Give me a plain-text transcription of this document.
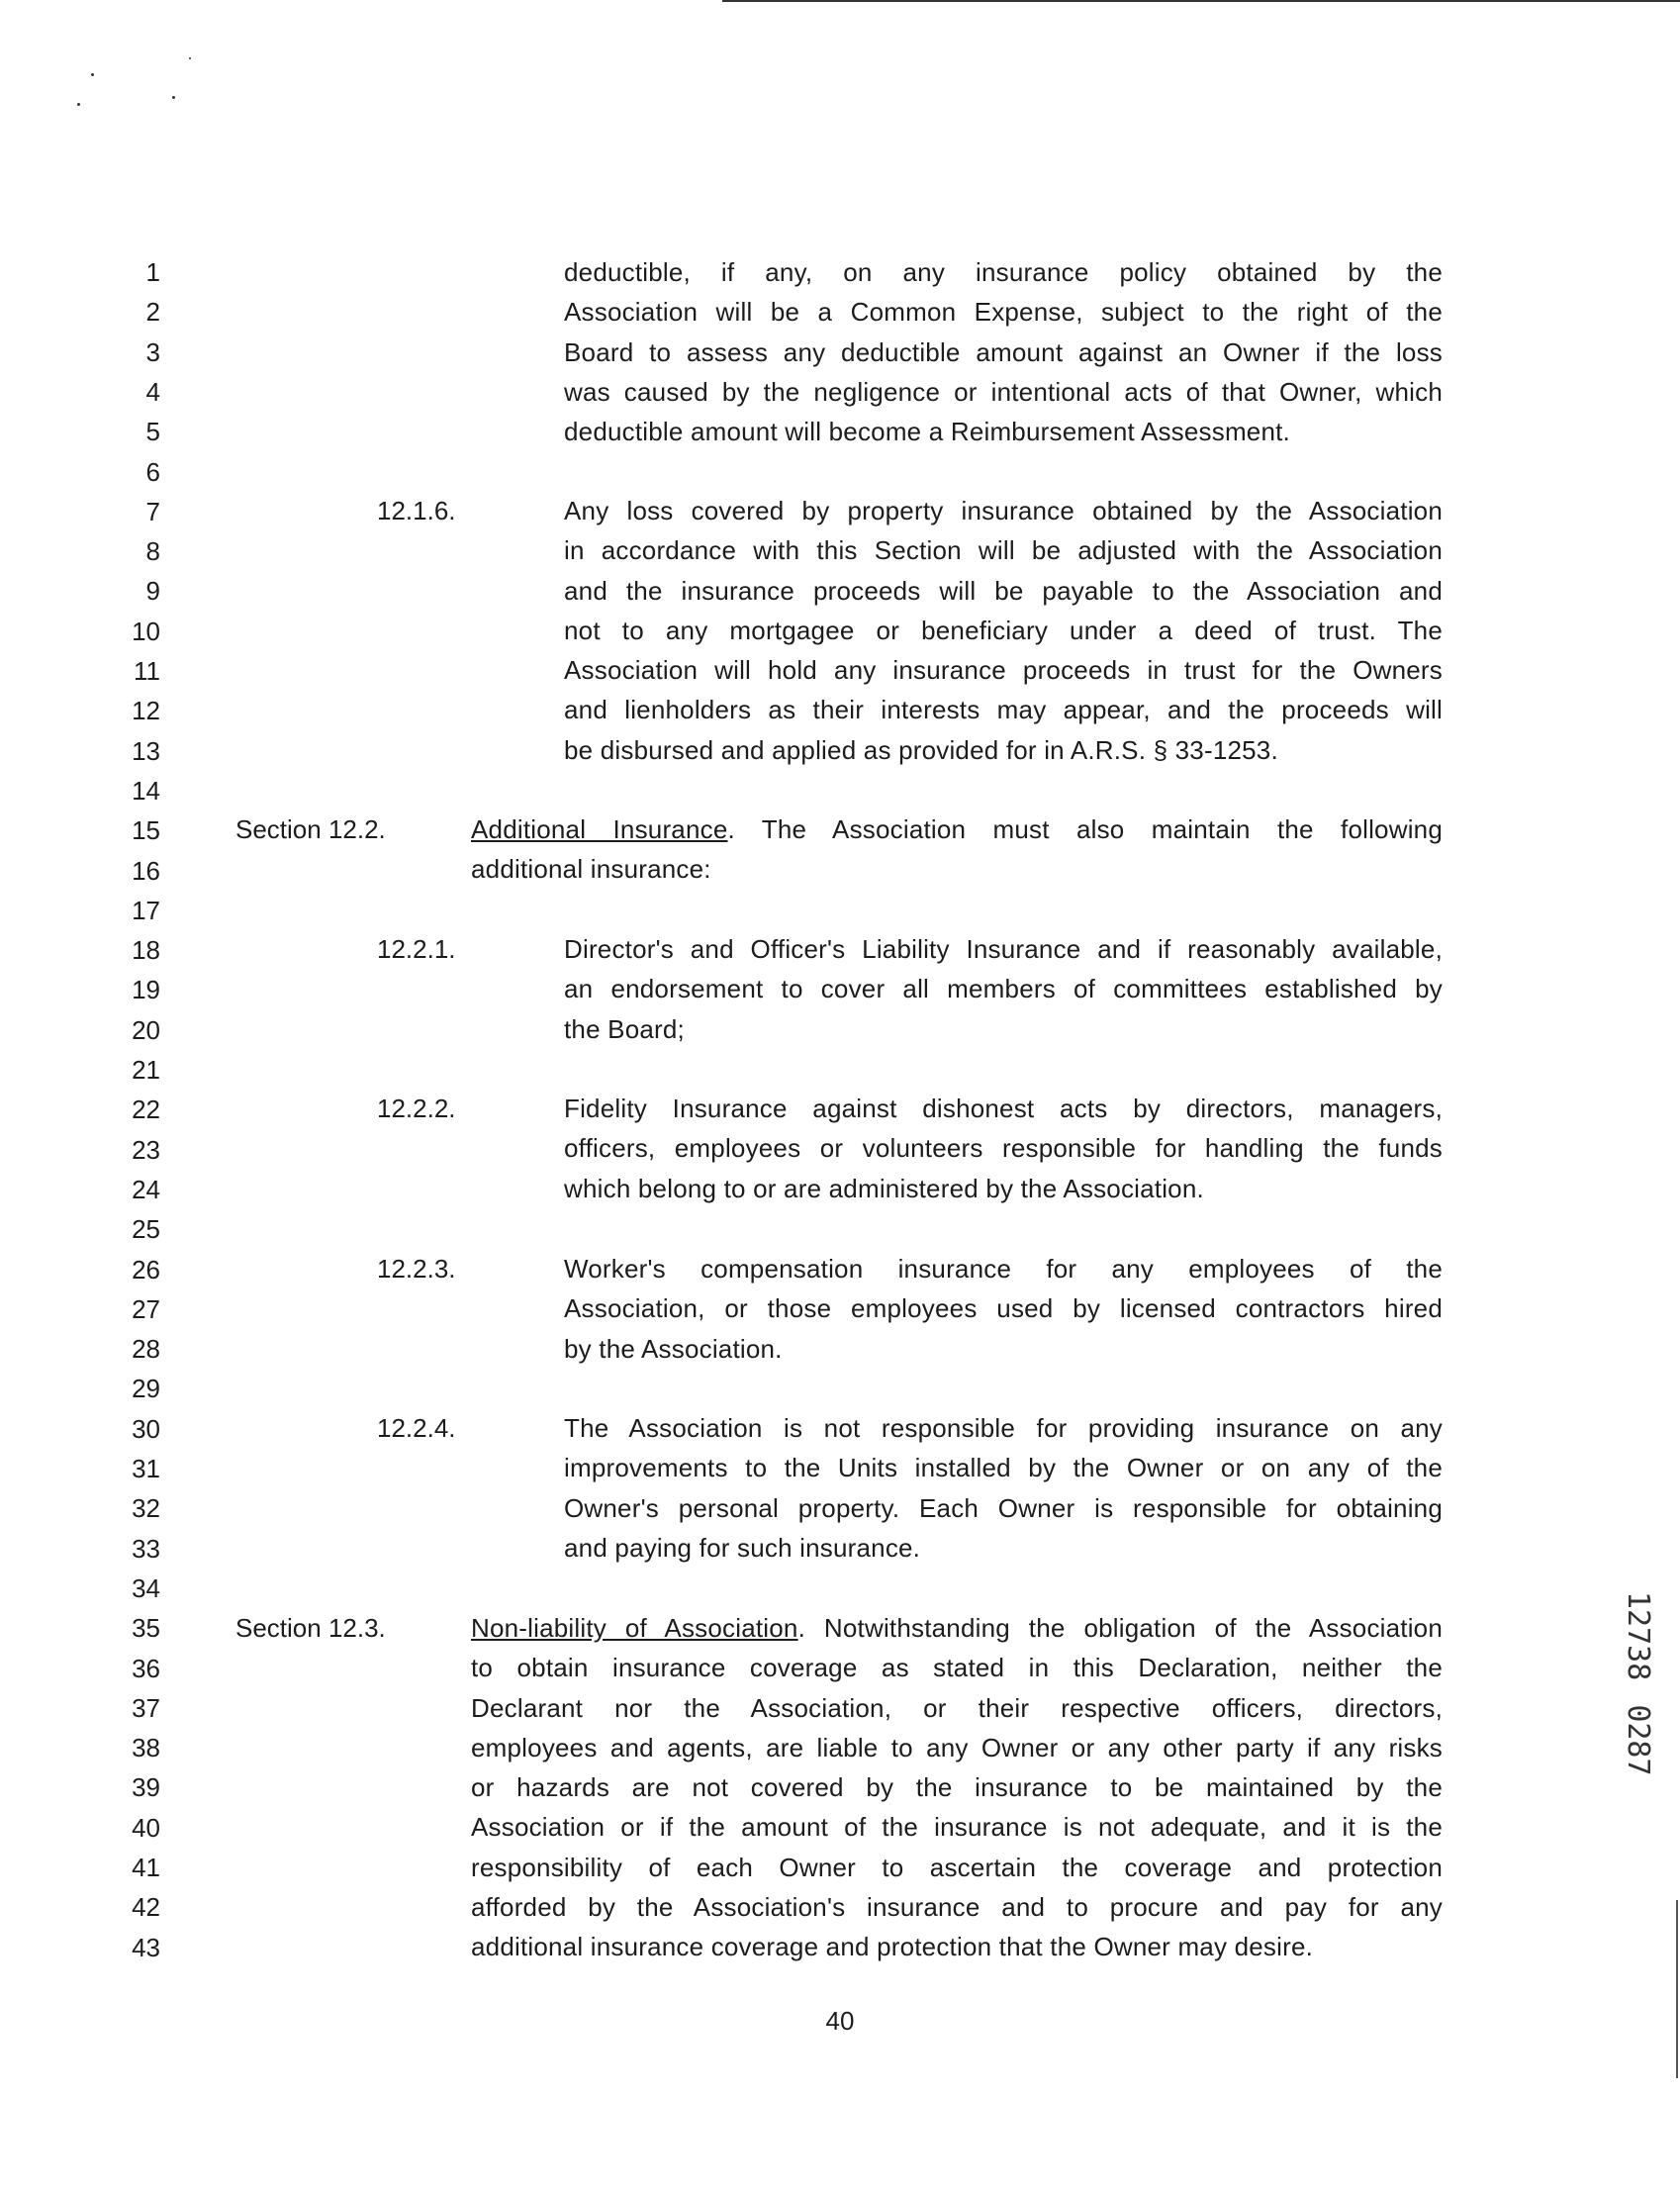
1
2
3
4
5
6
7
8
9
10
11
12
13
14
15
16
17
18
19
20
21
22
23
24
25
26
27
28
29
30
31
32
33
34
35
36
37
38
39
40
41
42
43
deductible, if any, on any insurance policy obtained by the
Association will be a Common Expense, subject to the right of the
Board to assess any deductible amount against an Owner if the loss
was caused by the negligence or intentional acts of that Owner, which
deductible amount will become a Reimbursement Assessment.
12.1.6.	Any loss covered by property insurance obtained by the Association
in accordance with this Section will be adjusted with the Association
and the insurance proceeds will be payable to the Association and
not to any mortgagee or beneficiary under a deed of trust. The
Association will hold any insurance proceeds in trust for the Owners
and lienholders as their interests may appear, and the proceeds will
be disbursed and applied as provided for in A.R.S. § 33-1253.
Section 12.2.	Additional Insurance. The Association must also maintain the following
additional insurance:
12.2.1.	Director's and Officer's Liability Insurance and if reasonably available,
an endorsement to cover all members of committees established by
the Board;
12.2.2.	Fidelity Insurance against dishonest acts by directors, managers,
officers, employees or volunteers responsible for handling the funds
which belong to or are administered by the Association.
12.2.3.	Worker's compensation insurance for any employees of the
Association, or those employees used by licensed contractors hired
by the Association.
12.2.4.	The Association is not responsible for providing insurance on any
improvements to the Units installed by the Owner or on any of the
Owner's personal property. Each Owner is responsible for obtaining
and paying for such insurance.
Section 12.3.	Non-liability of Association. Notwithstanding the obligation of the Association
to obtain insurance coverage as stated in this Declaration, neither the
Declarant nor the Association, or their respective officers, directors,
employees and agents, are liable to any Owner or any other party if any risks
or hazards are not covered by the insurance to be maintained by the
Association or if the amount of the insurance is not adequate, and it is the
responsibility of each Owner to ascertain the coverage and protection
afforded by the Association's insurance and to procure and pay for any
additional insurance coverage and protection that the Owner may desire.
40
127380287
